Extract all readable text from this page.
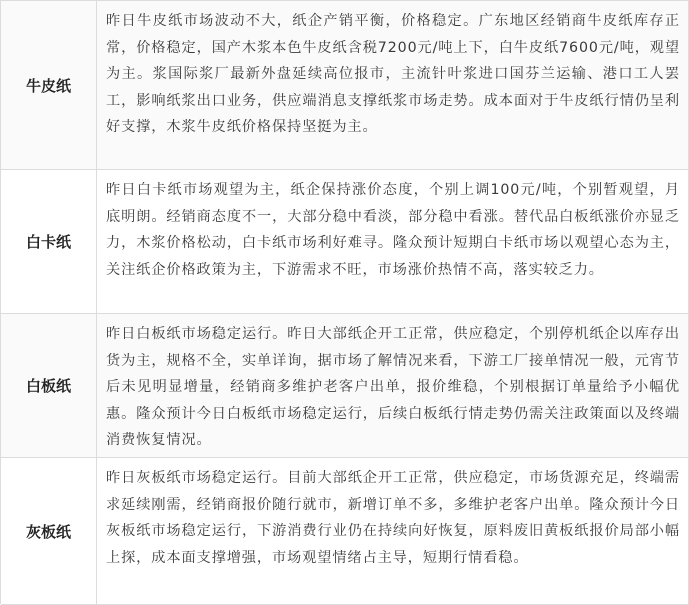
牛皮纸
昨日牛皮纸市场波动不大，纸企产销平衡，价格稳定。广东地区经销商牛皮纸库存正常，价格稳定，国产木浆本色牛皮纸含税7200元/吨上下，白牛皮纸7600元/吨，观望为主。浆国际浆厂最新外盘延续高位报市，主流针叶浆进口国芬兰运输、港口工人罢工，影响纸浆出口业务，供应端消息支撑纸浆市场走势。成本面对于牛皮纸行情仍呈利好支撑，木浆牛皮纸价格保持坚挺为主。
白卡纸
昨日白卡纸市场观望为主，纸企保持涨价态度，个别上调100元/吨，个别暂观望，月底明朗。经销商态度不一，大部分稳中看淡，部分稳中看涨。替代品白板纸涨价亦显乏力，木浆价格松动，白卡纸市场利好难寻。隆众预计短期白卡纸市场以观望心态为主，关注纸企价格政策为主，下游需求不旺，市场涨价热情不高，落实较乏力。
白板纸
昨日白板纸市场稳定运行。昨日大部纸企开工正常，供应稳定，个别停机纸企以库存出货为主，规格不全，实单详询，据市场了解情况来看，下游工厂接单情况一般，元宵节后未见明显增量，经销商多维护老客户出单，报价维稳，个别根据订单量给予小幅优惠。隆众预计今日白板纸市场稳定运行，后续白板纸行情走势仍需关注政策面以及终端消费恢复情况。
灰板纸
昨日灰板纸市场稳定运行。目前大部纸企开工正常，供应稳定，市场货源充足，终端需求延续刚需，经销商报价随行就市，新增订单不多，多维护老客户出单。隆众预计今日灰板纸市场稳定运行，下游消费行业仍在持续向好恢复，原料废旧黄板纸报价局部小幅上探，成本面支撑增强，市场观望情绪占主导，短期行情看稳。
